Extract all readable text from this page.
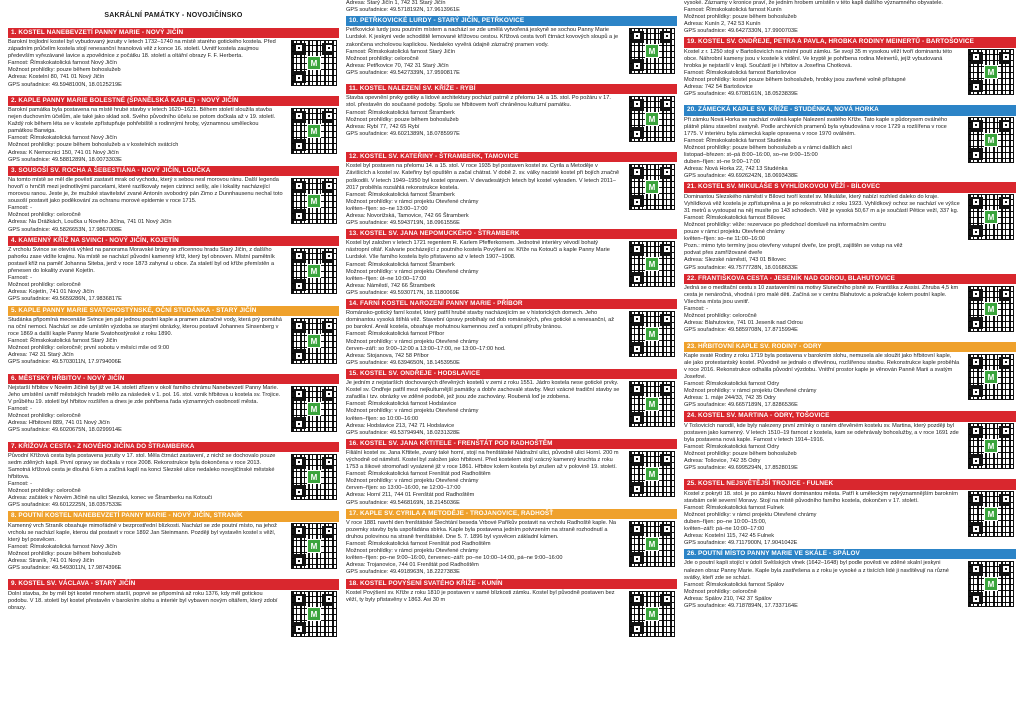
SAKRÁLNÍ PAMÁTKY - NOVOJIČÍNSKO
1. KOSTEL NANEBEVZETÍ PANNY MARIE - NOVÝ JIČÍN
Barokní trojlodní kostel byl vybudovaný jezuity v letech 1732–1740 na místě starého gotického kostela. Před západním průčelím kostela stojí renesanční hranolová věž z konce 16. století. Uvnitř kostela zaujmou především vyřezávané lavice a zpovědnice z počátku 18. století a oltářní obrazy F. F. Herberta.
Farnost: Římskokatolická farnost Nový Jičín
Možnost prohlídky: pouze během bohoslužeb
Adresa: Kostelní 80, 741 01 Nový Jičín
GPS souřadnice: 49.5948100N, 18.0125219E
M
2. KAPLE PANNY MARIE BOLESTNÉ (ŠPANĚLSKÁ KAPLE) - NOVÝ JIČÍN
Barokní památka byla postavena na místě hrubé stavby v letech 1620–1621. Během století sloužila stavba nejen duchovním účelům, ale také jako sklad soli. Svého původního účelu se potom dočkala až v 19. století. Každý rok během léta se v kostele zpřístupňuje pohřebiště s rodinnými hroby, významnou uměleckou památkou Barwiga.
Farnost: Římskokatolická farnost Nový Jičín
Možnost prohlídky: pouze během bohoslužeb a v kostelních svátcích
Adresa: K Nemocnici 150, 741 01 Nový Jičín
GPS souřadnice: 49.5881289N, 18.0073303E
M
3. SOUSOŠÍ SV. ROCHA A ŠEBESTIÁNA - NOVÝ JIČÍN, LOUČKA
Na tomto místě se měl dle pověstí zastavit mrak od vychodu, který s sebou nesl morovou ránu. Další legenda hovoří o hrnčíři mezi jednotlivými parcelami, které razítkovaly nejen cizinnci sešly, ale i lokality nacházející morovou ranou. Jeste je, že mužské stavitelství zvané Antonín svobodný pán Zimo z Dunnhausenu nechal toto sousoší postavit jako poděkování za ochranu morové epidemie v roce 1715.
Farnost: -
Možnost prohlídky: celoročně
Adresa: Na Drážkách, Loučka u Nového Jičína, 741 01 Nový Jičín
GPS souřadnice: 49.5826653N, 17.9867008E
M
4. KAMENNÝ KŘÍŽ NA SVINCI - NOVÝ JIČÍN, KOJETÍN
Z vrcholu Svince se otevírá výhled na panorama Moravské brány se zřícennou hradu Starý Jičín, z dalšího pahorku zase vidíte krajinu. Na místě se nachází původní kamenný kříž, který byl obnoven. Místní pamětník postavil kříž na paměť Johanna Siteba, jenž v roce 1873 zahynul u obce. Za staletí byl od kříže přemístěn a přenesen do lokality zvané Kojetín.
Farnost: -
Možnost prohlídky: celoročně
Adresa: Kojetín, 741 01 Nový Jičín
GPS souřadnice: 49.5659286N, 17.9836817E
M
5. KAPLE PANNY MARIE SVATOHOSTÝNSKÉ, OČNÍ STUDÁNKA - STARÝ JIČÍN
Studánka připomíná mecenáše Svince jen pár jednou poutní kaple a pramen zázračné vody, která prý pomáhá na oční nemoci. Nachází se zde umístěn výzdoba se starými obrázky, kterou postavil Johannes Sinsenberg v roce 1869 a další kaple Panny Marie Svatohostýnské z roku 1890.
Farnost: Římskokatolická farnost Starý Jičín
Možnost prohlídky: celoročně; první sobotu v měsíci mše od 9:00
Adresa: 742 31 Starý Jičín
GPS souřadnice: 49.5703011N, 17.9794006E
M
6. MĚSTSKÝ HŘBITOV - NOVÝ JIČÍN
Nejstarší hřbitov v Novém Jičíně byl již ve 14. století zřízen v okolí farního chrámu Nanebevzetí Panny Marie. Jeho umístění uvnitř městských hradeb mělo za následek v 1. pol. 16. stol. vznik hřbitova u kostela sv. Trojice. V průběhu 19. století byl hřbitov rozšířen a dnes je zde pohřbena řada významných osobností města.
Farnost: -
Možnost prohlídky: celoročně
Adresa: Hřbitovní 889, 741 01 Nový Jičín
GPS souřadnice: 49.6020675N, 18.0299914E
M
7. KŘÍŽOVÁ CESTA - Z NOVÉHO JIČÍNA DO ŠTRAMBERKA
Původní Křížová cesta byla postavena jezuity v 17. stol. Měla čtrnáct zastavení, z nichž se dochovalo pouze sedm zděných kapli. První opravy se dočkala v roce 2008. Rekonstrukce byla dokončena v roce 2013. Samotná křížová cesta je dlouhá 6 km a začíná kaplí na konci Slezské ulice nedaleko novojičínské městské hřbitova.
Farnost: -
Možnost prohlídky: celoročně
Adresa: začátek v Novém Jičíně na ulici Slezská, konec ve Štramberku na Kotouči
GPS souřadnice: 49.6012225N, 18.0357533E
M
8. POUTNÍ KOSTEL NANEBEVZETÍ PANNY MARIE - NOVÝ JIČÍN, STRANÍK
Kamenný vrch Straník obsahuje mimořádně v bezprostřední blízkosti. Nachází se zde poutní místo, na jehož vrcholu se nachází kaple, kterou dal postavit v roce 1892 Jan Steinmann. Později byl vystavěn kostel s věží, který byl posvěcen.
Farnost: Římskokatolická farnost Nový Jičín
Možnost prohlídky: pouze během bohoslužeb
Adresa: Straník, 741 01 Nový Jičín
GPS souřadnice: 49.5493011N, 17.9874396E
M
9. KOSTEL SV. VÁCLAVA - STARÝ JIČÍN
Dolní stavba, že by měl být kostel mnohem starší, poprvé se připomíná až roku 1376, kdy měl gotickou podobu. V 18. století byl kostel přestavěn v barokním slohu a interiér byl vybaven novým oltářem, který zdobí obrazy.
M
Adresa: Starý Jičín 1, 742 31 Starý Jičín
GPS souřadnice: 49.5718192N, 17.9613961E
10. PETŘKOVICKÉ LURDY - STARÝ JIČÍN, PETŘKOVICE
Petřkovické lurdy jsou poutním místem a nachází se zde umělá vytvořená jeskyně se sochou Panny Marie Lurdské. K jeskyni vede schodiště lemované křížovou cestou. Křížová cesta tvoří čtrnáct kovových sloupů a je zakončena vrcholovou kaplickou. Nedaleko vyvěrá údajně zázračný pramen vody.
Farnost: Římskokatolická farnost Starý Jičín
Možnost prohlídky: celoročně
Adresa: Petřkovice 70, 742 31 Starý Jičín
GPS souřadnice: 49.5427339N, 17.9590817E
M
11. KOSTEL NALEZENÍ SV. KŘÍŽE - RYBÍ
Stavba opevnění prvky gotiky a lidové architektury pochází patrně z přelomu 14. a 15. stol. Po požáru v 17. stol. přestavěn do současné podoby. Spolu se hřbitovem tvoří chráněnou kulturní památku.
Farnost: Římskokatolická farnost Štramberk
Možnost prohlídky: pouze během bohoslužeb
Adresa: Rybí 77, 742 65 Rybí
GPS souřadnice: 49.6021389N, 18.0785997E
M
12. KOSTEL SV. KATEŘINY - ŠTRAMBERK, TAMOVICE
Kostel byl postaven na přelomu 14. a 15. stol. V roce 1935 byl postaven kostel sv. Cyrila a Metoděje v Závišicích a kostel sv. Kateřiny byl opuštěn a začal chátrat. V době 2. sv. války nacisté kostel při bojích značně poškodili. V letech 1949–1950 byl kostel opraven. V devadesátých letech byl kostel vykraden. V letech 2011–2017 proběhla rozsáhlá rekonstrukce kostela.
Farnost: Římskokatolická farnost Štramberk
Možnost prohlídky: v rámci projektu Otevřené chrámy
květen–říjen: so–ne 13:00–17:00
Adresa: Novorižská, Tamovice, 742 66 Štramberk
GPS souřadnice: 49.5943719N, 18.0961556E
M
13. KOSTEL SV. JANA NEPOMUCKÉHO - ŠTRAMBERK
Kostel byl založen v letech 1721 regentem R. Karlem Pfefferkornem. Jednotné interiéry vévodí bohatý nástropní oltář. Kalvarie pocházející z poutního kostela Povýšení sv. Kříže na Kotouči a kaple Panny Marie Lurdské. Vše farního kostela bylo přistaveno až v letech 1907–1908.
Farnost: Římskokatolická farnost Štramberk
Možnost prohlídky: v rámci projektu Otevřené chrámy
květen–říjen: út–ne 10:00–17:00
Adresa: Náměstí, 742 66 Štramberk
GPS souřadnice: 49.5930717N, 18.1180069E
M
14. FARNÍ KOSTEL NAROZENÍ PANNY MARIE - PŘÍBOR
Románsko-gotický farní kostel, který patřil hrubé stavby nacházejícím se v historických domech. Jeho dominantou vysoká štíhlá věž. Stavební úpravy probíhaly od dob románských, přes gotické a renesanční, až po barokní. Areál kostela, obsahuje mohutnou kamennou zeď a vstupní příruby bránou.
Farnost: Římskokatolická farnost Příbor
Možnost prohlídky: v rámci projektu Otevřené chrámy
červen–září: so 9:00–12:00 a 13:00–17:00, ne 13:00–17:00 hod.
Adresa: Stojanova, 742 58 Příbor
GPS souřadnice: 49.6394650N, 18.1453950E
M
15. KOSTEL SV. ONDŘEJE - HODSLAVICE
Je jedním z nejstarších dochovaných dřevěných kostelů v zemi z roku 1551. Jádro kostela nese gotické prvky. Kostel sv. Ondřeje patřil mezi nejkulturnější památky a dobře zachovalé stavby. Mezi vzácné tradiční stavby se zařadila i tzv. obrázky ve zděné podobě, jež jsou zde zachovány. Roubená loď je zdobena.
Farnost: Římskokatolická farnost Hodslavice
Možnost prohlídky: v rámci projektu Otevřené chrámy
květen–říjen: so 10:00–16:00
Adresa: Hodslavice 213, 742 71 Hodslavice
GPS souřadnice: 49.5379494N, 18.0231328E
M
16. KOSTEL SV. JANA KŘTITELE - FRENŠTÁT POD RADHOŠTĚM
Filiální kostel sv. Jana Křtitele, zvaný také horní, stojí na frenštátské Nádražní ulici, původně ulici Horní. 200 m východně od náměstí. Kostel byl založen jako hřbitovní. Před kostelem stojí vzácný kamenný kruchta z roku 1753 a šikové stromořadí vysázené již v roce 1861. Hřbitov kolem kostela byl zrušen až v polovině 19. století.
Farnost: Římskokatolická farnost Frenštát pod Radhoštěm
Možnost prohlídky: v rámci projektu Otevřené chrámy
červen–říjen: so 13:00–16:00, ne 12:00–17:00
Adresa: Horní 211, 744 01 Frenštát pod Radhoštěm
GPS souřadnice: 49.5468169N, 18.2145036E
M
17. KAPLE SV. CYRILA A METODĚJE - TROJANOVICE, RADHOŠŤ
V roce 1881 navrhl den frenštátské Šlechtání beseda Vrbové Paříkův postavit na vrcholu Radhoště kaple. Na pozemky stavby byla uspořádána sbírka. Kaple byla postavena jedním potvrzením na straně rozhodnutí a druhou polovinou na straně frenštátské. Dne 5. 7. 1896 byl vysvěcen základní kámen.
Farnost: Římskokatolická farnost Frenštát pod Radhoštěm
Možnost prohlídky: v rámci projektu Otevřené chrámy
květen–říjen: po–ne 9:00–16:00, červenec–září: po–ne 10:00–14:00, pá–ne 9:00–16:00
Adresa: Trojanovice, 744 01 Frenštát pod Radhoštěm
GPS souřadnice: 49.4918963N, 18.2227383E
M
18. KOSTEL POVÝŠENÍ SVATÉHO KŘÍŽE - KUNÍN
Kostel Povýšení sv. Kříže z roku 1810 je postaven v samé blízkosti zámku. Kostel byl původně postaven bez věží, ty byly přistavěny v 1863. Asi 30 m
M
vysoké. Záznamy v kronice praví, že jedním hrobem umístěn v této kapli dalšího významného obyvatele.
Farnost: Římskokatolická farnost Kunín
Možnost prohlídky: pouze během bohoslužeb
Adresa: Kunín 2, 742 53 Kunín
GPS souřadnice: 49.6427330N, 17.9900703E
19. KOSTEL SV. ONDŘEJE, PETRA A PAVLA, HROBKA RODINY MEINERTŮ - BARTOŠOVICE
Kostel z r. 1250 stojí v Bartošovicích na místní pouti zámku. Se svojí 35 m vysokou věží tvoří dominantu této obce. Náhrobní kameny jsou v kostele k vidění. Ve kryptě je pohřbena rodina Meinertů, jejíž vybudovaná hrobka je nejstarší v kraji. Součástí je i hřbitov a Josefína Chotková.
Farnost: Římskokatolická farnost Bartošovice
Možnost prohlídky: kostel pouze během bohoslužeb, hrobky jsou zavřené volně přístupné
Adresa: 742 54 Bartošovice
GPS souřadnice: 49.6708161N, 18.0523839E
M
20. ZÁMECKÁ KAPLE SV. KŘÍŽE - STUDÉNKA, NOVÁ HORKA
Při zámku Nová Horka se nachází oválná kaple Nalezení svatého Kříže. Tato kaple s půdorysem oválného plátně plánu stavební svatyně. Podle archivních pramenů byla vybudována v roce 1729 a rozšířena v roce 1775. V interiéru byla zámecká kaple opravena v roce 1970 oválném.
Farnost: Římskokatolická farnost Studénka
Možnost prohlídky: pouze během bohoslužeb a v rámci dalších akcí
listopad–březen: st–pá 8:00–16:00, so–ne 9:00–15:00
duben–říjen: st–ne 9:00–17:00
Adresa: Nová Horka 22, 742 13 Studénka
GPS souřadnice: 49.6926242N, 18.0693438E
M
21. KOSTEL SV. MIKULÁŠE S VYHLÍDKOVOU VĚŽÍ - BÍLOVEC
Dominantou Slezského náměstí v Bílovci tvoří kostel sv. Mikuláše, který nabízí rozhled daleko do kraje. Vyhlídková věž kostela je zpřístupněna a je po rekonstrukci z roku 1923. Vyhlídkový ochoz se nachází ve výšce 31 metrů a vystoupat na něj musíte po 143 schodech. Věž je vysoká 50,67 m a je součástí Pětice veží, 337 kg.
Farnost: Římskokatolická farnost Bílovec
Možnost prohlídky: věže: rezervace po předchozí domluvě na informačním centru
pouze v rámci projektu Otevřené chrámy
květen–říjen: so–ne 11:00–16:00
Pozn.: mimo tyto termíny jsou otevřeny vstupní dveře, lze projít, zajištěn se vstup na věž
podvat přes zamřížované dveře
Adresa: Slezské náměstí, 743 01 Bílovec
GPS souřadnice: 49.7577728N, 18.0168633E
M
22. FRANTIŠKOVA CESTA - JESENÍK NAD ODROU, BLAHUTOVICE
Jedná se o meditační cestu s 10 zastaveními na motivy Slunečního písně sv. Františka z Assisi. Zhruba 4,5 km cesta je nenáročná, vhodná i pro malé děti. Začíná se v centru Blahutovic a pokračuje kolem poutní kaple. Všechna místa jsou uvnitř.
Farnost: -
Možnost prohlídky: celoročně
Adresa: Blahutovice, 741 01 Jeseník nad Odrou
GPS souřadnice: 49.5859708N, 17.8715994E
M
23. HŘBITOVNÍ KAPLE SV. RODINY - ODRY
Kaple svaté Rodiny z roku 1719 byla postavena v barokním slohu, nemusela ale sloužit jako hřbitovní kaple, ale jako protestantský kostel. Původně se jednalo o dřevěnou, rozšířenou stavbu. Rekonstrukce kaple proběhla v roce 2016. Rekonstrukce odhalila původní výzdobu. Vnitřní prostor kaple je věnován Panně Marii a svatým Josefovi.
Farnost: Římskokatolická farnost Odry
Možnost prohlídky: v rámci projektu Otevřené chrámy
Adresa: 1. máje 244/33, 742 35 Odry
GPS souřadnice: 49.6657189N, 17.8286536E
M
24. KOSTEL SV. MARTINA - ODRY, TOŠOVICE
V Tošovicích narodil, kde byly nalezeny první zmínky o raném dřevěném kostelu sv. Martina, který později byl postaven jako kamenný. V letech 1510–19 farnost z kostela, kam se odehrávaly bohoslužby, a v roce 1691 zde byla postavena nová kaple. Farnost v letech 1914–1916.
Farnost: Římskokatolická farnost Odry
Možnost prohlídky: pouze během bohoslužeb
Adresa: Tošovice, 742 35 Odry
GPS souřadnice: 49.6995294N, 17.8528019E
M
25. KOSTEL NEJSVĚTĚJŠÍ TROJICE - FULNEK
Kostel z pokrytí 18. stol. je po zámku hlavní dominantou města. Patří k uměleckým nejvýznamnějším barokním stavbám celé severní Moravy. Stojí na místě původního farního kostela, dokončen v 17. století.
Farnost: Římskokatolická farnost Fulnek
Možnost prohlídky: v rámci projektu Otevřené chrámy
duben–říjen: po–ne 10:00–15:00,
květen–září: pá–ne 10:00–17:00
Adresa: Kostelní 115, 742 45 Fulnek
GPS souřadnice: 49.7117900N, 17.9041042E
M
26. POUTNÍ MÍSTO PANNY MARIE VE SKÁLE - SPÁLOV
Jde o poutní kapli stojící v údolí Svěšských vlnek (1642–1648) byl podle pověsti ve zděné skalní jeskyni nalezen obraz Panny Marie. Kaple byla zastřešena a z roku je vysoké a z tisících lidé ji navštěvují na různé svátky, kteří zde se schází.
Farnost: Římskokatolická farnost Spálov
Možnost prohlídky: celoročně
Adresa: Spálov 210, 742 37 Spálov
GPS souřadnice: 49.7187894N, 17.7337164E
M
